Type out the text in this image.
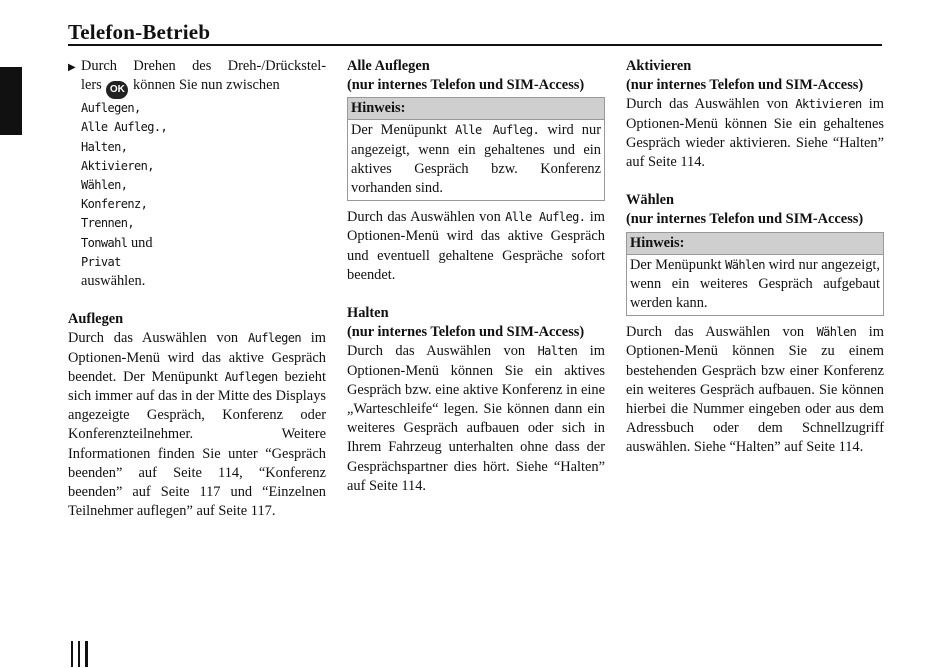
Telefon-Betrieb
▶ Durch Drehen des Dreh-/Drückstel-

lers OK können Sie nun zwischen

Auflegen,
Alle Aufleg.,
Halten,
Aktivieren,
Wählen,
Konferenz,
Trennen,
Tonwahl und
Privat
auswählen.

Auflegen

Durch das Auswählen von Auflegen im Optionen-Menü wird das aktive Gespräch beendet. Der Menüpunkt Auflegen bezieht sich immer auf das in der Mitte des Displays angezeigte Gespräch, Konferenz oder Konferenzteilnehmer. Weitere Informationen finden Sie unter “Gespräch beenden” auf Seite 114, “Konferenz beenden” auf Seite 117 und “Einzelnen Teilnehmer auflegen” auf Seite 117.

Alle Auflegen

(nur internes Telefon und SIM-Access)

Hinweis:
Der Menüpunkt Alle Aufleg. wird nur angezeigt, wenn ein gehaltenes und ein aktives Gespräch bzw. Konferenz vorhanden sind.

Durch das Auswählen von Alle Aufleg. im Optionen-Menü wird das aktive Gespräch und eventuell gehaltene Gespräche sofort beendet.

Halten

(nur internes Telefon und SIM-Access)

Durch das Auswählen von Halten im Optionen-Menü können Sie ein aktives Gespräch bzw. eine aktive Konferenz in eine „Warteschleife“ legen. Sie können dann ein weiteres Gespräch aufbauen oder sich in Ihrem Fahrzeug unterhalten ohne dass der Gesprächspartner dies hört. Siehe “Halten” auf Seite 114.

Aktivieren

(nur internes Telefon und SIM-Access)

Durch das Auswählen von Aktivieren im Optionen-Menü können Sie ein gehaltenes Gespräch wieder aktivieren. Siehe “Halten” auf Seite 114.

Wählen

(nur internes Telefon und SIM-Access)

Hinweis:
Der Menüpunkt Wählen wird nur angezeigt, wenn ein weiteres Gespräch aufgebaut werden kann.

Durch das Auswählen von Wählen im Optionen-Menü können Sie zu einem bestehenden Gespräch bzw einer Konferenz ein weiteres Gespräch aufbauen. Sie können hierbei die Nummer eingeben oder aus dem Adressbuch oder dem Schnellzugriff auswählen. Siehe “Halten” auf Seite 114.
